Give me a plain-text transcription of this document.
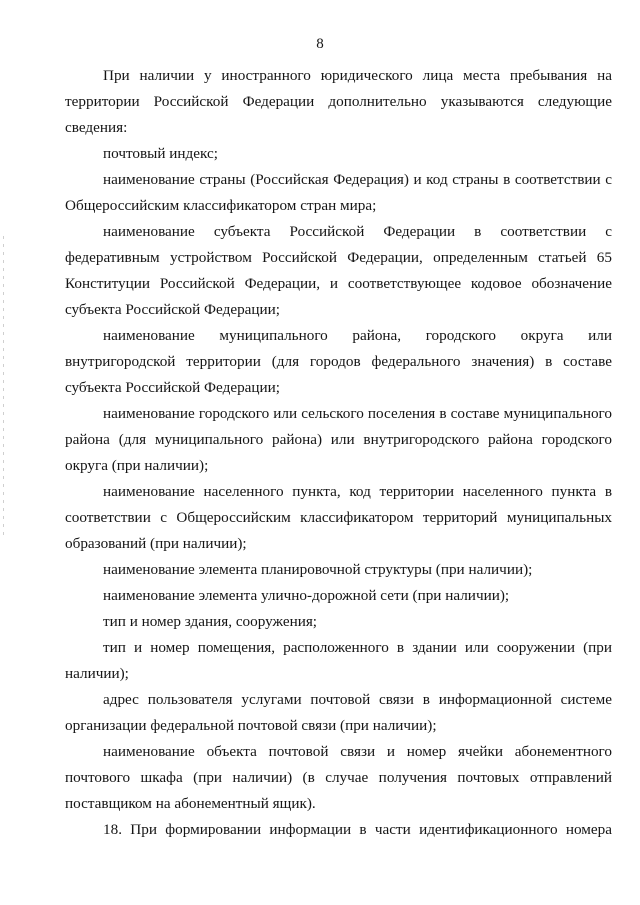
8

При наличии у иностранного юридического лица места пребывания на территории Российской Федерации дополнительно указываются следующие сведения:

почтовый индекс;

наименование страны (Российская Федерация) и код страны в соответствии с Общероссийским классификатором стран мира;

наименование субъекта Российской Федерации в соответствии с федеративным устройством Российской Федерации, определенным статьей 65 Конституции Российской Федерации, и соответствующее кодовое обозначение субъекта Российской Федерации;

наименование муниципального района, городского округа или внутригородской территории (для городов федерального значения) в составе субъекта Российской Федерации;

наименование городского или сельского поселения в составе муниципального района (для муниципального района) или внутригородского района городского округа (при наличии);

наименование населенного пункта, код территории населенного пункта в соответствии с Общероссийским классификатором территорий муниципальных образований (при наличии);

наименование элемента планировочной структуры (при наличии);

наименование элемента улично-дорожной сети (при наличии);

тип и номер здания, сооружения;

тип и номер помещения, расположенного в здании или сооружении (при наличии);

адрес пользователя услугами почтовой связи в информационной системе организации федеральной почтовой связи (при наличии);

наименование объекта почтовой связи и номер ячейки абонементного почтового шкафа (при наличии) (в случае получения почтовых отправлений поставщиком на абонементный ящик).

18. При формировании информации в части идентификационного номера
